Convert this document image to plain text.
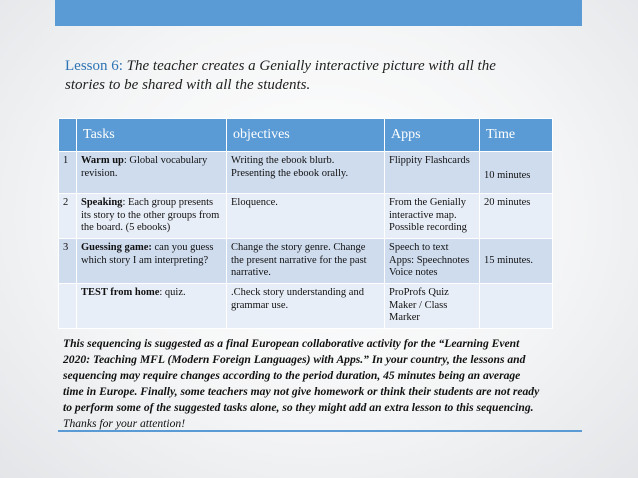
Lesson 6: The teacher creates a Genially interactive picture with all the stories to be shared with all the students.
	Tasks	objectives	Apps	Time
1	Warm up: Global vocabulary revision.	Writing the ebook blurb. Presenting the ebook orally.	Flippity Flashcards	10 minutes
2	Speaking: Each group presents its story to the other groups from the board. (5 ebooks)	Eloquence.	From the Genially interactive map. Possible recording	20 minutes
3	Guessing game: can you guess which story I am interpreting?	Change the story genre. Change the present narrative for the past narrative.	Speech to text Apps: Speechnotes Voice notes	15 minutes.
	TEST from home: quiz.	.Check story understanding and grammar use.	ProProfs Quiz Maker / Class Marker	
This sequencing is suggested as a final European collaborative activity for the “Learning Event 2020: Teaching MFL (Modern Foreign Languages) with Apps.” In your country, the lessons and sequencing may require changes according to the period duration, 45 minutes being an average time in Europe. Finally, some teachers may not give homework or think their students are not ready to perform some of the suggested tasks alone, so they might add an extra lesson to this sequencing. Thanks for your attention!
